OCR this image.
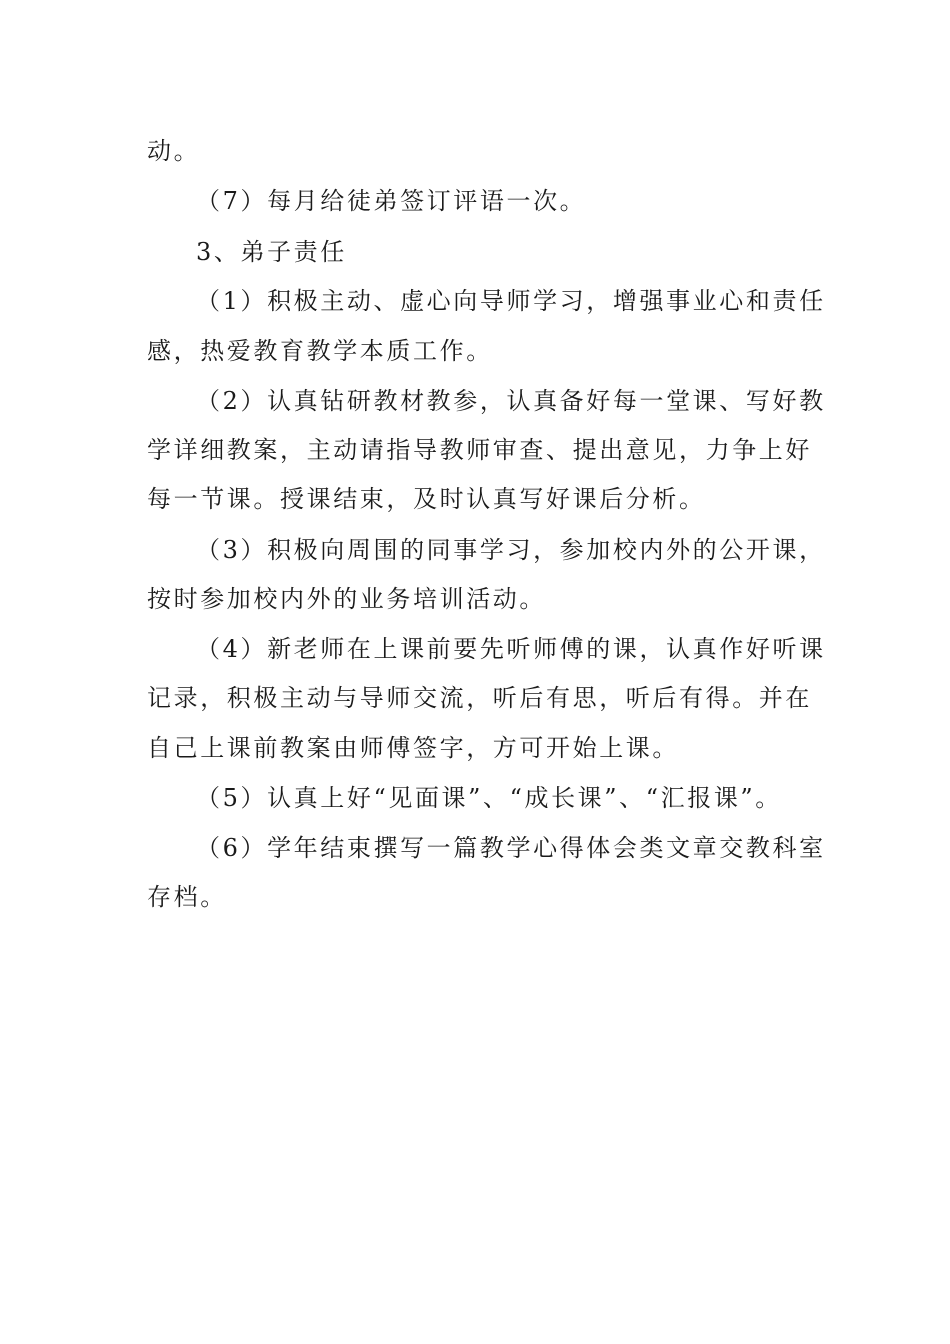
动。
（7）每月给徒弟签订评语一次。
3、弟子责任
（1）积极主动、虚心向导师学习，增强事业心和责任
感，热爱教育教学本质工作。
（2）认真钻研教材教参，认真备好每一堂课、写好教
学详细教案，主动请指导教师审查、提出意见，力争上好
每一节课。授课结束，及时认真写好课后分析。
（3）积极向周围的同事学习，参加校内外的公开课，
按时参加校内外的业务培训活动。
（4）新老师在上课前要先听师傅的课，认真作好听课
记录，积极主动与导师交流，听后有思，听后有得。并在
自己上课前教案由师傅签字，方可开始上课。
（5）认真上好“见面课”、“成长课”、“汇报课”。
（6）学年结束撰写一篇教学心得体会类文章交教科室
存档。
